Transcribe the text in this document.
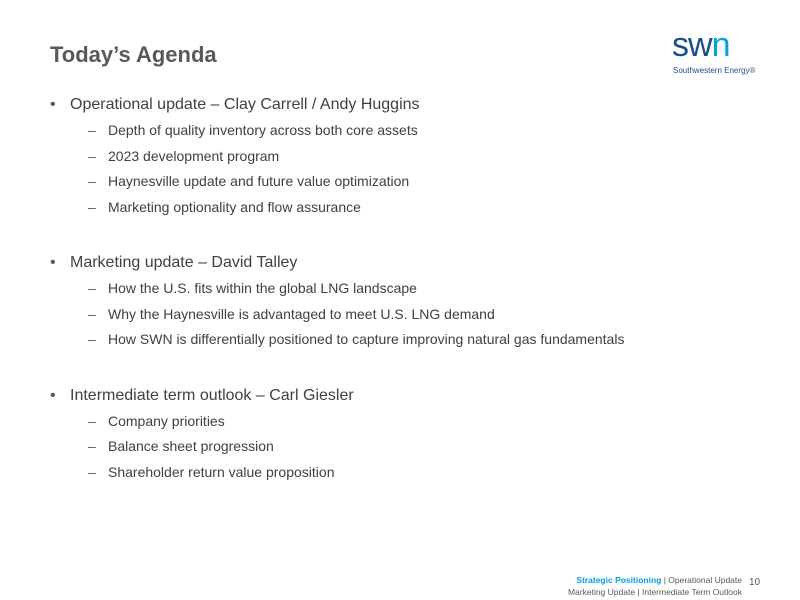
Today’s Agenda	swn
Southwestern Energy®
• Operational update – Clay Carrell / Andy Huggins
– Depth of quality inventory across both core assets
– 2023 development program
– Haynesville update and future value optimization
– Marketing optionality and flow assurance
• Marketing update – David Talley
– How the U.S. fits within the global LNG landscape
– Why the Haynesville is advantaged to meet U.S. LNG demand
– How SWN is differentially positioned to capture improving natural gas fundamentals
• Intermediate term outlook – Carl Giesler
– Company priorities
– Balance sheet progression
– Shareholder return value proposition
Strategic Positioning | Operational Update
Marketing Update | Intermediate Term Outlook
10
